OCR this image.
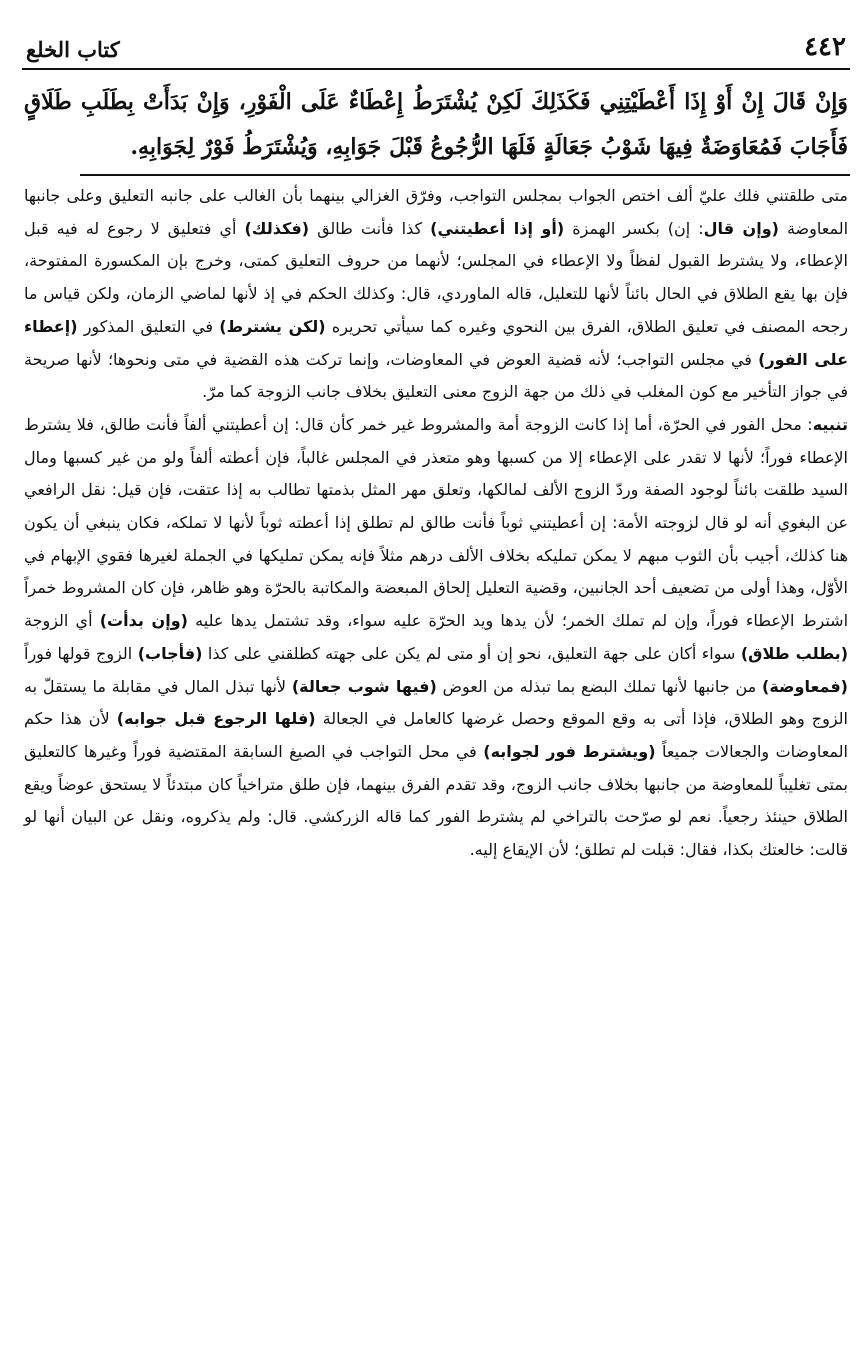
٤٤٢
كتاب الخلع

وَإِنْ قَالَ إِنْ أَوْ إِذَا أَعْطَيْتِنِي فَكَذَلِكَ لَكِنْ يُشْتَرَطُ إِعْطَاءٌ عَلَى الْفَوْرِ، وَإِنْ بَدَأَتْ بِطَلَبِ طَلَاقٍ فَأَجَابَ فَمُعَاوَضَةٌ فِيهَا شَوْبُ جَعَالَةٍ فَلَهَا الرُّجُوعُ قَبْلَ جَوَابِهِ، وَيُشْتَرَطُ فَوْرٌ لِجَوَابِهِ.

متى طلقتني فلك عليّ ألف اختص الجواب بمجلس التواجب، وفرّق الغزالي بينهما بأن الغالب على جانبه التعليق وعلى جانبها المعاوضة (وإن قال: إن) بكسر الهمزة (أو إذا أعطيتني) كذا فأنت طالق (فكذلك) أي فتعليق لا رجوع له فيه قبل الإعطاء، ولا يشترط القبول لفظاً ولا الإعطاء في المجلس؛ لأنهما من حروف التعليق كمتى، وخرج بإن المكسورة المفتوحة، فإن بها يقع الطلاق في الحال بائناً لأنها للتعليل، قاله الماوردي، قال: وكذلك الحكم في إذ لأنها لماضي الزمان، ولكن قياس ما رجحه المصنف في تعليق الطلاق، الفرق بين النحوي وغيره كما سيأتي تحريره (لكن يشترط) في التعليق المذكور (إعطاء على الفور) في مجلس التواجب؛ لأنه قضية العوض في المعاوضات، وإنما تركت هذه القضية في متى ونحوها؛ لأنها صريحة في جواز التأخير مع كون المغلب في ذلك من جهة الزوج معنى التعليق بخلاف جانب الزوجة كما مرّ.

تنبيه: محل الفور في الحرّة، أما إذا كانت الزوجة أمة والمشروط غير خمر كأن قال: إن أعطيتني ألفاً فأنت طالق، فلا يشترط الإعطاء فوراً؛ لأنها لا تقدر على الإعطاء إلا من كسبها وهو متعذر في المجلس غالباً، فإن أعطته ألفاً ولو من غير كسبها ومال السيد طلقت بائناً لوجود الصفة وردّ الزوج الألف لمالكها، وتعلق مهر المثل بذمتها تطالب به إذا عتقت، فإن قيل: نقل الرافعي عن البغوي أنه لو قال لزوجته الأمة: إن أعطيتني ثوباً فأنت طالق لم تطلق إذا أعطته ثوباً لأنها لا تملكه، فكان ينبغي أن يكون هنا كذلك، أجيب بأن الثوب مبهم لا يمكن تمليكه بخلاف الألف درهم مثلاً فإنه يمكن تمليكها في الجملة لغيرها فقوي الإبهام في الأوّل، وهذا أولى من تضعيف أحد الجانبين، وقضية التعليل إلحاق المبعضة والمكاتبة بالحرّة وهو ظاهر، فإن كان المشروط خمراً اشترط الإعطاء فوراً، وإن لم تملك الخمر؛ لأن يدها ويد الحرّة عليه سواء، وقد تشتمل يدها عليه (وإن بدأت) أي الزوجة (بطلب طلاق) سواء أكان على جهة التعليق، نحو إن أو متى لم يكن على جهته كطلقني على كذا (فأجاب) الزوج قولها فوراً (فمعاوضة) من جانبها لأنها تملك البضع بما تبذله من العوض (فيها شوب جعالة) لأنها تبذل المال في مقابلة ما يستقلّ به الزوج وهو الطلاق، فإذا أتى به وقع الموقع وحصل غرضها كالعامل في الجعالة (فلها الرجوع قبل جوابه) لأن هذا حكم المعاوضات والجعالات جميعاً (ويشترط فور لجوابه) في محل التواجب في الصيغ السابقة المقتضية فوراً وغيرها كالتعليق بمتى تغليباً للمعاوضة من جانبها بخلاف جانب الزوج، وقد تقدم الفرق بينهما، فإن طلق متراخياً كان مبتدئاً لا يستحق عوضاً ويقع الطلاق حينئذ رجعياً. نعم لو صرّحت بالتراخي لم يشترط الفور كما قاله الزركشي. قال: ولم يذكروه، ونقل عن البيان أنها لو قالت: خالعتك بكذا، فقال: قبلت لم تطلق؛ لأن الإيقاع إليه.
